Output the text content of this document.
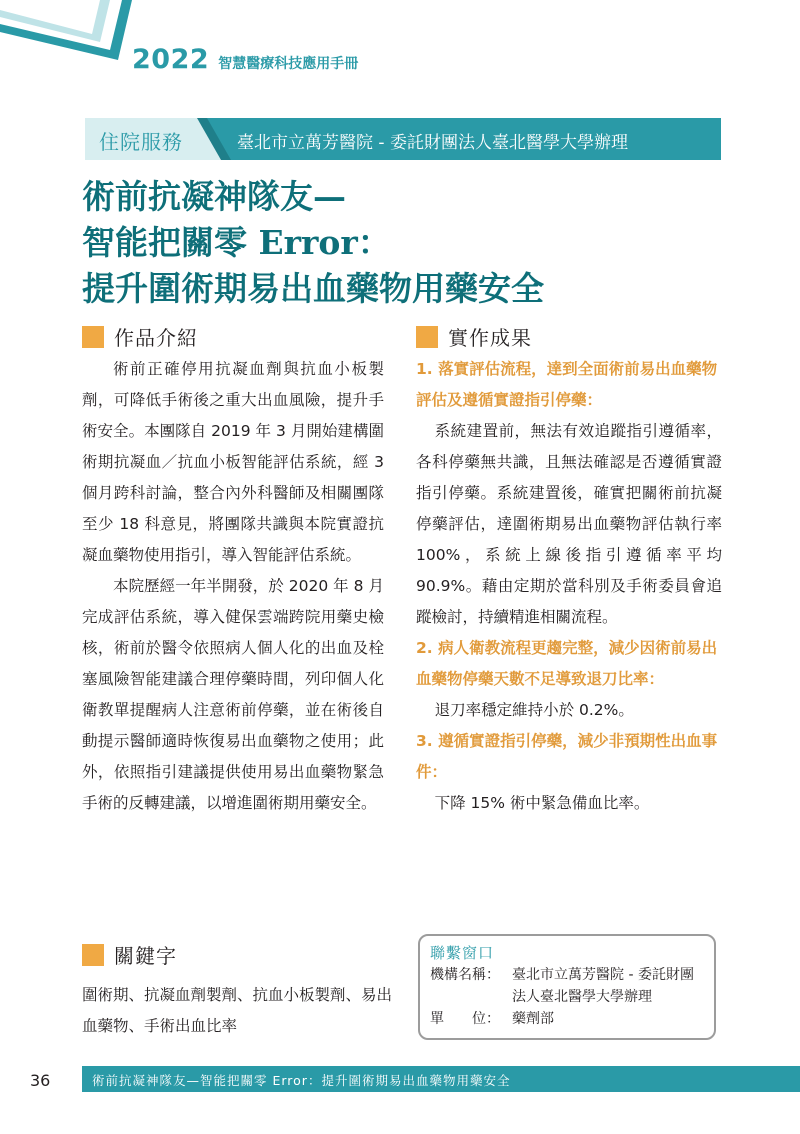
2022 智慧醫療科技應用手冊
住院服務	臺北市立萬芳醫院 - 委託財團法人臺北醫學大學辦理
術前抗凝神隊友—
智能把關零 Error：
提升圍術期易出血藥物用藥安全
作品介紹

術前正確停用抗凝血劑與抗血小板製劑，可降低手術後之重大出血風險，提升手術安全。本團隊自 2019 年 3 月開始建構圍術期抗凝血／抗血小板智能評估系統，經 3 個月跨科討論，整合內外科醫師及相關團隊至少 18 科意見，將團隊共識與本院實證抗凝血藥物使用指引，導入智能評估系統。

本院歷經一年半開發，於 2020 年 8 月完成評估系統，導入健保雲端跨院用藥史檢核，術前於醫令依照病人個人化的出血及栓塞風險智能建議合理停藥時間，列印個人化衛教單提醒病人注意術前停藥，並在術後自動提示醫師適時恢復易出血藥物之使用；此外，依照指引建議提供使用易出血藥物緊急手術的反轉建議，以增進圍術期用藥安全。

實作成果

1. 落實評估流程，達到全面術前易出血藥物評估及遵循實證指引停藥：

系統建置前，無法有效追蹤指引遵循率，各科停藥無共識，且無法確認是否遵循實證指引停藥。系統建置後，確實把關術前抗凝停藥評估，達圍術期易出血藥物評估執行率 100%，系統上線後指引遵循率平均 90.9%。藉由定期於當科別及手術委員會追蹤檢討，持續精進相關流程。

2. 病人衛教流程更趨完整，減少因術前易出血藥物停藥天數不足導致退刀比率：

退刀率穩定維持小於 0.2%。

3. 遵循實證指引停藥，減少非預期性出血事件：

下降 15% 術中緊急備血比率。

關鍵字
圍術期、抗凝血劑製劑、抗血小板製劑、易出血藥物、手術出血比率
聯繫窗口
機構名稱： 臺北市立萬芳醫院 - 委託財團法人臺北醫學大學辦理
單　　位： 藥劑部
36	術前抗凝神隊友—智能把關零 Error：提升圍術期易出血藥物用藥安全
